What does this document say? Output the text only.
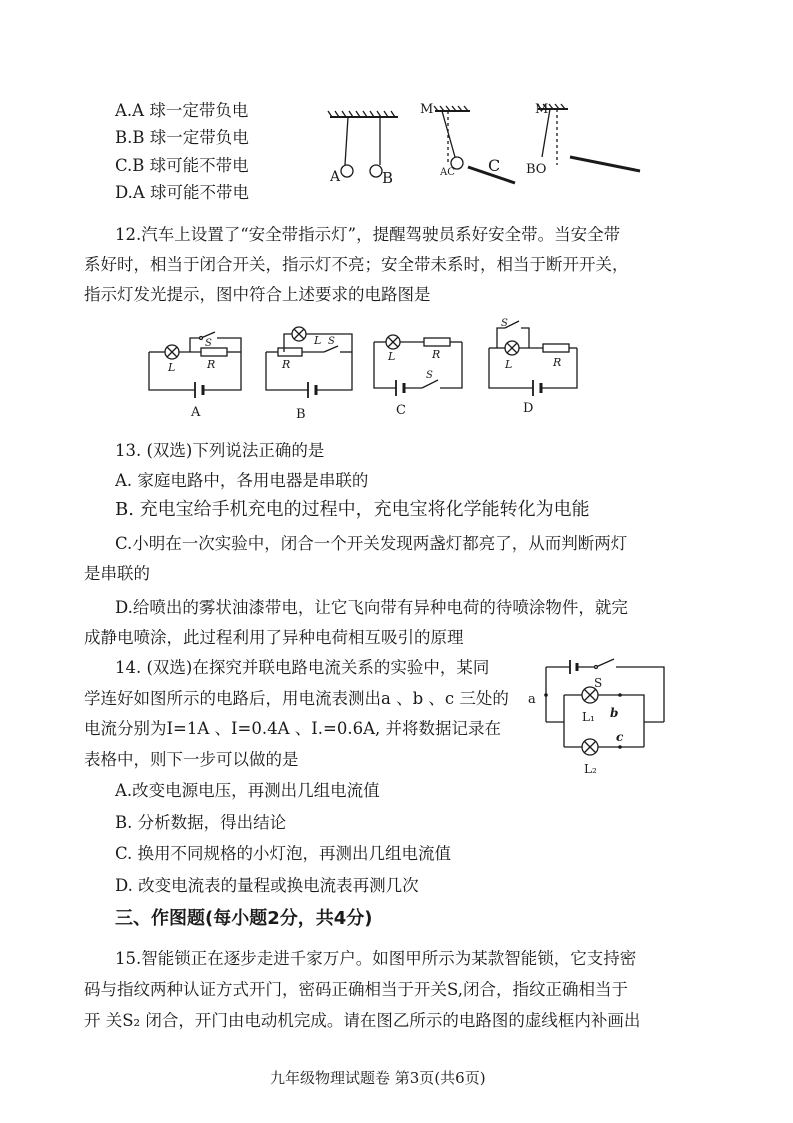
A.A 球一定带负电
B.B 球一定带负电
C.B 球可能不带电
D.A 球可能不带电
A	B
M
AC C
M
BO
12.汽车上设置了“安全带指示灯”，提醒驾驶员系好安全带。当安全带
系好时，相当于闭合开关，指示灯不亮；安全带未系时，相当于断开开关，
指示灯发光提示，图中符合上述要求的电路图是
L
S
R
A
L S
R
B
L	R
S
C
S
L	R
D
13. (双选)下列说法正确的是
A. 家庭电路中，各用电器是串联的
B. 充电宝给手机充电的过程中，充电宝将化学能转化为电能
C.小明在一次实验中，闭合一个开关发现两盏灯都亮了，从而判断两灯
是串联的
D.给喷出的雾状油漆带电，让它飞向带有异种电荷的待喷涂物件，就完
成静电喷涂，此过程利用了异种电荷相互吸引的原理
14. (双选)在探究并联电路电流关系的实验中，某同
学连好如图所示的电路后，用电流表测出a 、b 、c 三处的
电流分别为I=1A 、I=0.4A 、I.=0.6A, 并将数据记录在
表格中，则下一步可以做的是
A.改变电源电压，再测出几组电流值
B. 分析数据，得出结论
C. 换用不同规格的小灯泡，再测出几组电流值
D. 改变电流表的量程或换电流表再测几次
S
a
b
c
L₁
L₂
三、作图题(每小题2分，共4分)
15.智能锁正在逐步走进千家万户。如图甲所示为某款智能锁，它支持密
码与指纹两种认证方式开门，密码正确相当于开关S,闭合，指纹正确相当于
开 关S₂ 闭合，开门由电动机完成。请在图乙所示的电路图的虚线框内补画出
九年级物理试题卷 第3页(共6页)
